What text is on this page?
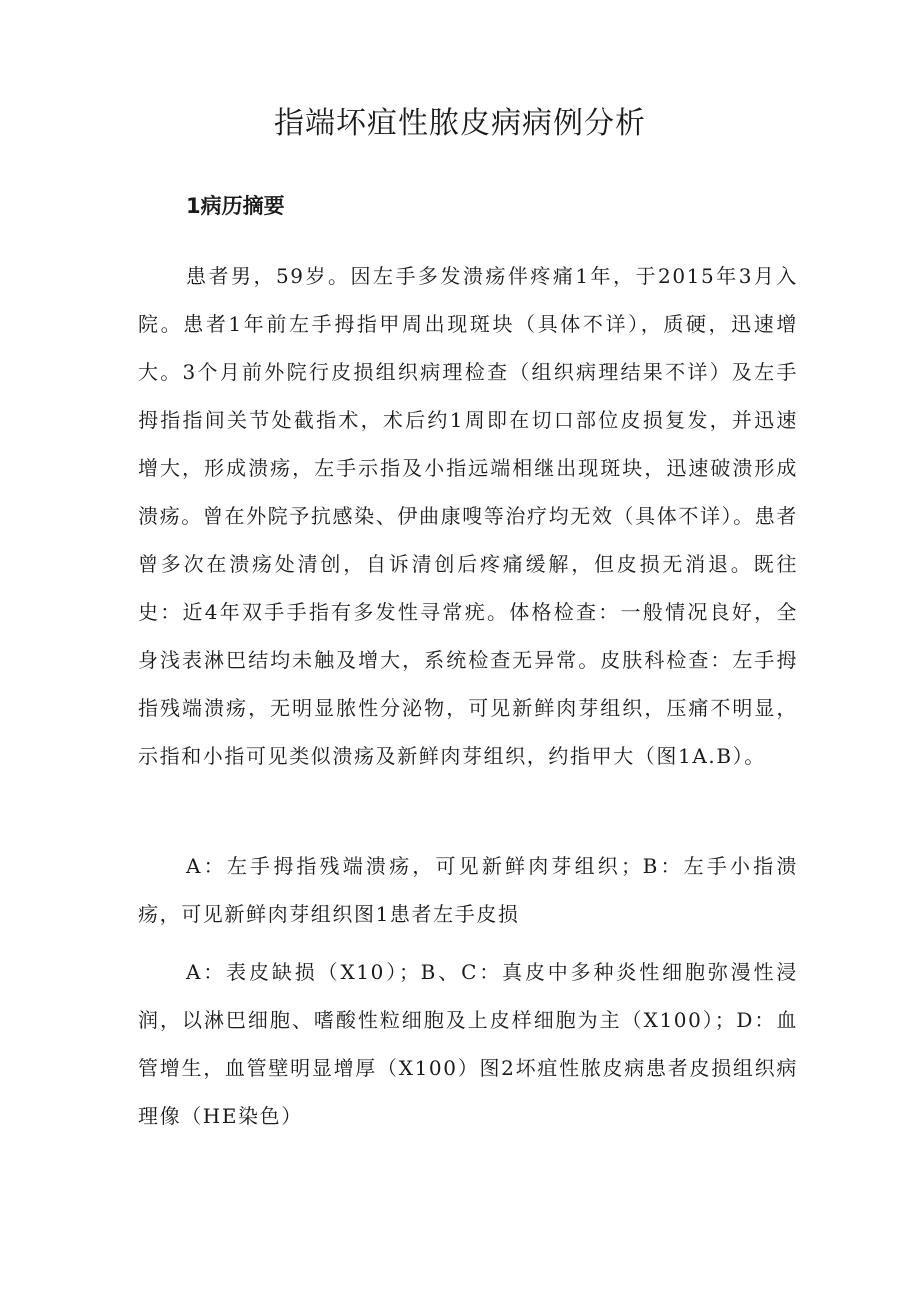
指端坏疽性脓皮病病例分析
1病历摘要

患者男，59岁。因左手多发溃疡伴疼痛1年，于2015年3月入院。患者1年前左手拇指甲周出现斑块（具体不详），质硬，迅速增大。3个月前外院行皮损组织病理检查（组织病理结果不详）及左手拇指指间关节处截指术，术后约1周即在切口部位皮损复发，并迅速增大，形成溃疡，左手示指及小指远端相继出现斑块，迅速破溃形成溃疡。曾在外院予抗感染、伊曲康嗖等治疗均无效（具体不详）。患者曾多次在溃疡处清创，自诉清创后疼痛缓解，但皮损无消退。既往史：近4年双手手指有多发性寻常疣。体格检查：一般情况良好，全身浅表淋巴结均未触及增大，系统检查无异常。皮肤科检查：左手拇指残端溃疡，无明显脓性分泌物，可见新鲜肉芽组织，压痛不明显，示指和小指可见类似溃疡及新鲜肉芽组织，约指甲大（图1A.B）。

A：左手拇指残端溃疡，可见新鲜肉芽组织；B：左手小指溃疡，可见新鲜肉芽组织图1患者左手皮损

A：表皮缺损（X10）；B、C：真皮中多种炎性细胞弥漫性浸润，以淋巴细胞、嗜酸性粒细胞及上皮样细胞为主（X100）；D：血管增生，血管壁明显增厚（X100）图2坏疽性脓皮病患者皮损组织病理像（HE染色）
